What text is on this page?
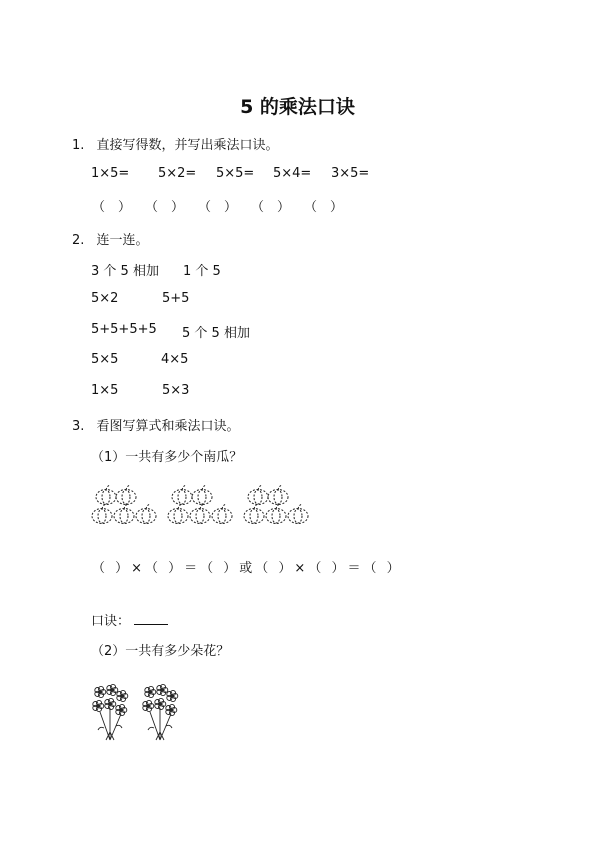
5 的乘法口诀
1. 直接写得数，并写出乘法口诀。
1×5= 5×2= 5×5= 5×4= 3×5=
（　） （　） （　） （　） （　）
2. 连一连。
3 个 5 相加 1 个 5
5×2	5+5
5+5+5+5 5 个 5 相加
5×5	4×5
1×5	5×3
3. 看图写算式和乘法口诀。
（1）一共有多少个南瓜？
（ ）×（ ）＝（ ）或（ ）×（ ）＝（ ）
口诀：
（2）一共有多少朵花？
